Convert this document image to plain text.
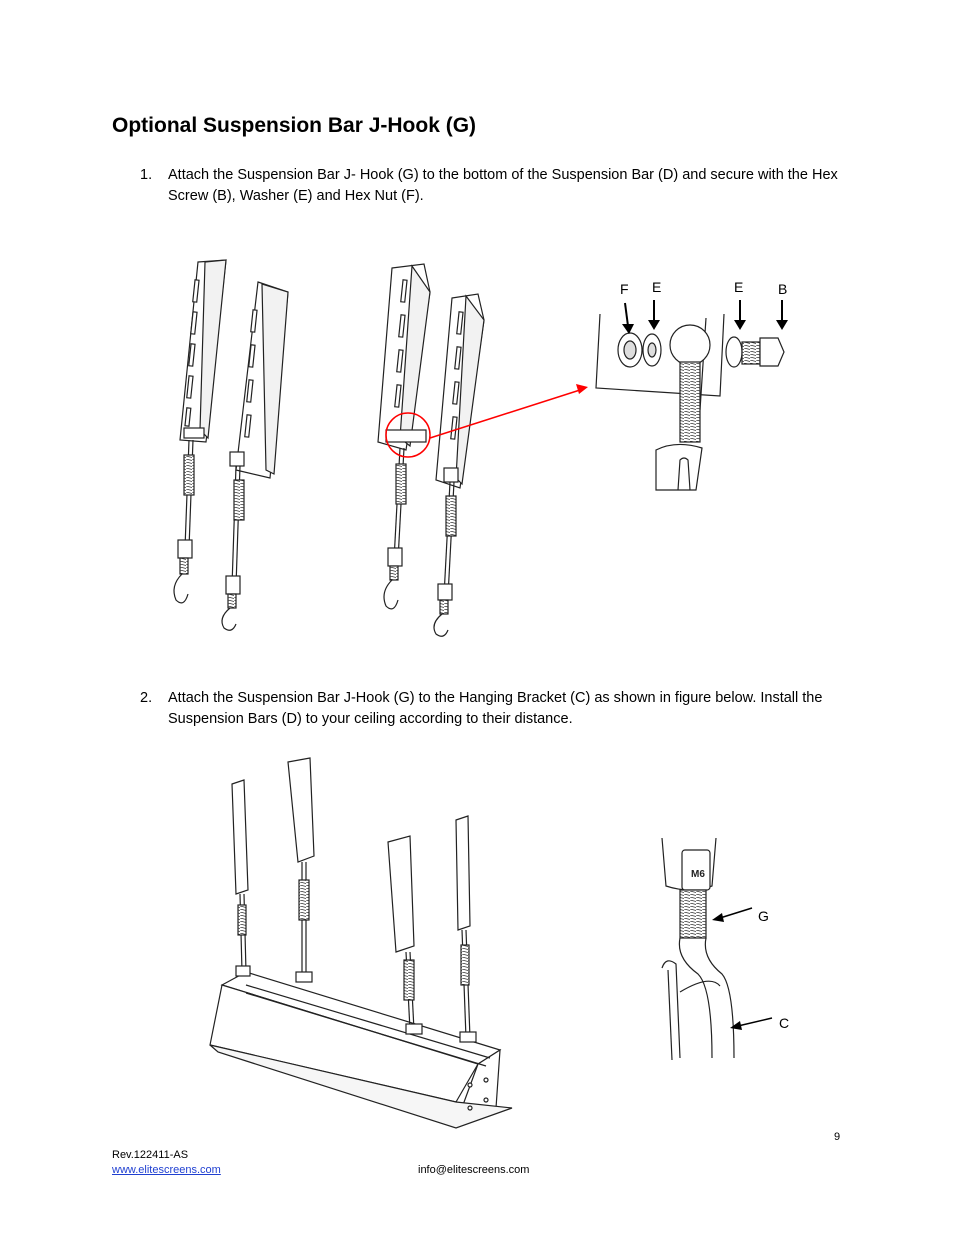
Optional Suspension Bar J-Hook (G)
1. Attach the Suspension Bar J- Hook (G) to the bottom of the Suspension Bar (D) and secure with the Hex Screw (B), Washer (E) and Hex Nut (F).
F E	E B
2. Attach the Suspension Bar J-Hook (G) to the Hanging Bracket (C) as shown in figure below. Install the Suspension Bars (D) to your ceiling according to their distance.
M6
G
C
9
Rev.122411-AS
www.elitescreens.com	info@elitescreens.com
